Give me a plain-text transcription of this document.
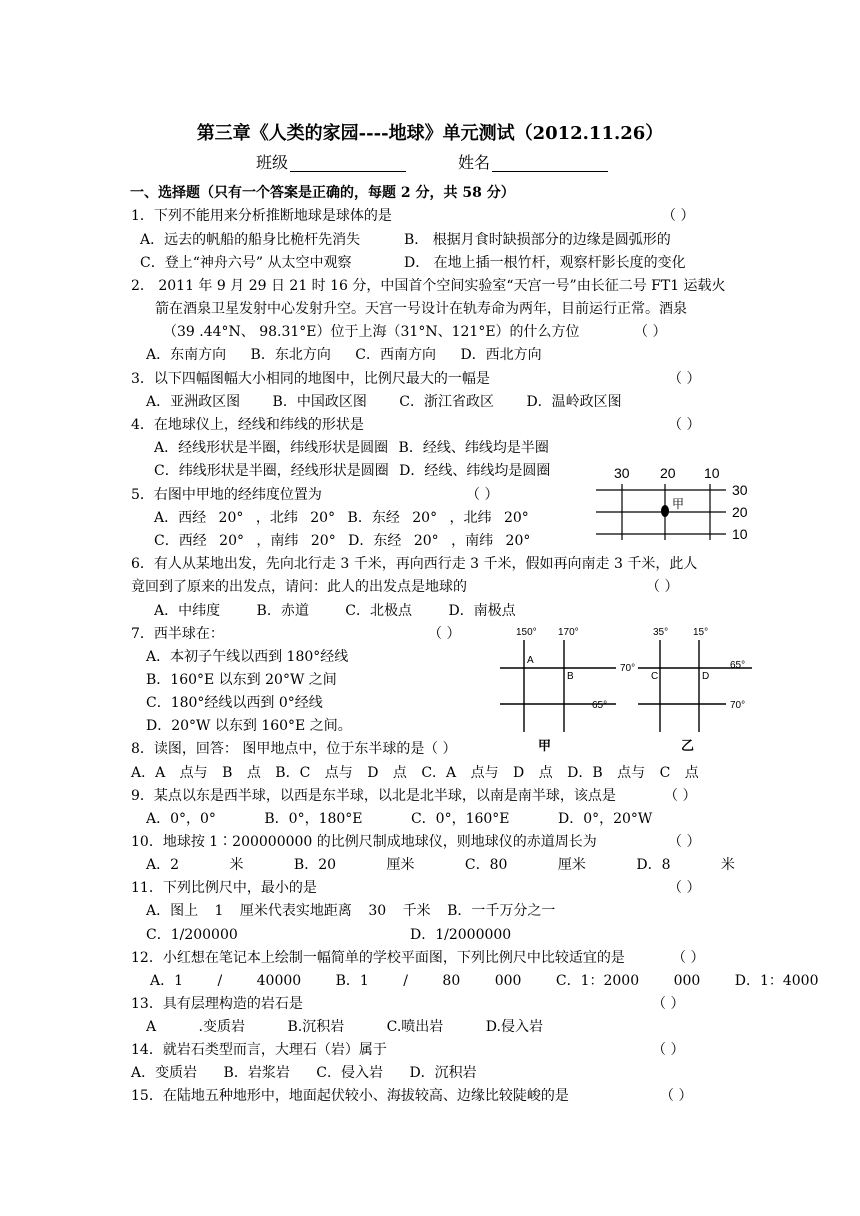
第三章《人类的家园----地球》单元测试（2012.11.26）
班级	姓名
一、选择题（只有一个答案是正确的，每题 2 分，共 58 分）
1．下列不能用来分析推断地球是球体的是	（ ）
A．远去的帆船的船身比桅杆先消失	B． 根据月食时缺损部分的边缘是圆弧形的
C．登上“神舟六号” 从太空中观察	D． 在地上插一根竹杆，观察杆影长度的变化
2． 2011 年 9 月 29 日 21 时 16 分，中国首个空间实验室“天宫一号”由长征二号 FT1 运载火
箭在酒泉卫星发射中心发射升空。天宫一号设计在轨寿命为两年，目前运行正常。酒泉
（39 .44°N、 98.31°E）位于上海（31°N、121°E）的什么方位	（ ）
A．东南方向 B．东北方向 C．西南方向 D．西北方向
3．以下四幅图幅大小相同的地图中，比例尺最大的一幅是	（ ）
A．亚洲政区图 B．中国政区图 C．浙江省政区 D．温岭政区图
4．在地球仪上，经线和纬线的形状是	（ ）
A．经线形状是半圈，纬线形状是圆圈 B．经线、纬线均是半圈
C．纬线形状是半圈，经线形状是圆圈 D．经线、纬线均是圆圈
5．右图中甲地的经纬度位置为	（ ）
A．西经 20° ，北纬 20° B．东经 20° ，北纬 20°
C．西经 20° ，南纬 20° D．东经 20° ，南纬 20°
30 20 10
甲
30
20
10
6．有人从某地出发，先向北行走 3 千米，再向西行走 3 千米，假如再向南走 3 千米，此人
竟回到了原来的出发点，请问：此人的出发点是地球的	（ ）
A．中纬度 B．赤道 C．北极点 D．南极点
7．西半球在：	（ ）
A．本初子午线以西到 180°经线
B．160°E 以东到 20°W 之间
C．180°经线以西到 0°经线
D．20°W 以东到 160°E 之间。
150° 170°
A
B
70°
65°
甲
35° 15°
C	D
65°
70°
乙
8．读图，回答： 图甲地点中，位于东半球的是 （ ）
A．A 点与 B 点 B．C 点与 D 点 C．A 点与 D 点 D．B 点与 C 点
9．某点以东是西半球，以西是东半球，以北是北半球，以南是南半球，该点是	（ ）
A．0°，0° B．0°，180°E C．0°，160°E D．0°，20°W
10．地球按 1∶200000000 的比例尺制成地球仪，则地球仪的赤道周长为	（ ）
A．2 米 B．20 厘米 C．80 厘米 D．8 米
11．下列比例尺中，最小的是	（ ）
A．图上 1 厘米代表实地距离 30 千米 B．一千万分之一
C．1/200000	D．1/2000000
12．小红想在笔记本上绘制一幅简单的学校平面图，下列比例尺中比较适宜的是	（ ）
A．1 / 40000 B．1 / 80 000 C．1：2000 000 D．1：4000
13．具有层理构造的岩石是	（ ）
A .变质岩 B.沉积岩 C.喷出岩 D.侵入岩
14．就岩石类型而言，大理石（岩）属于	（ ）
A．变质岩 B．岩浆岩 C．侵入岩 D．沉积岩
15．在陆地五种地形中，地面起伏较小、海拔较高、边缘比较陡峻的是	（ ）
